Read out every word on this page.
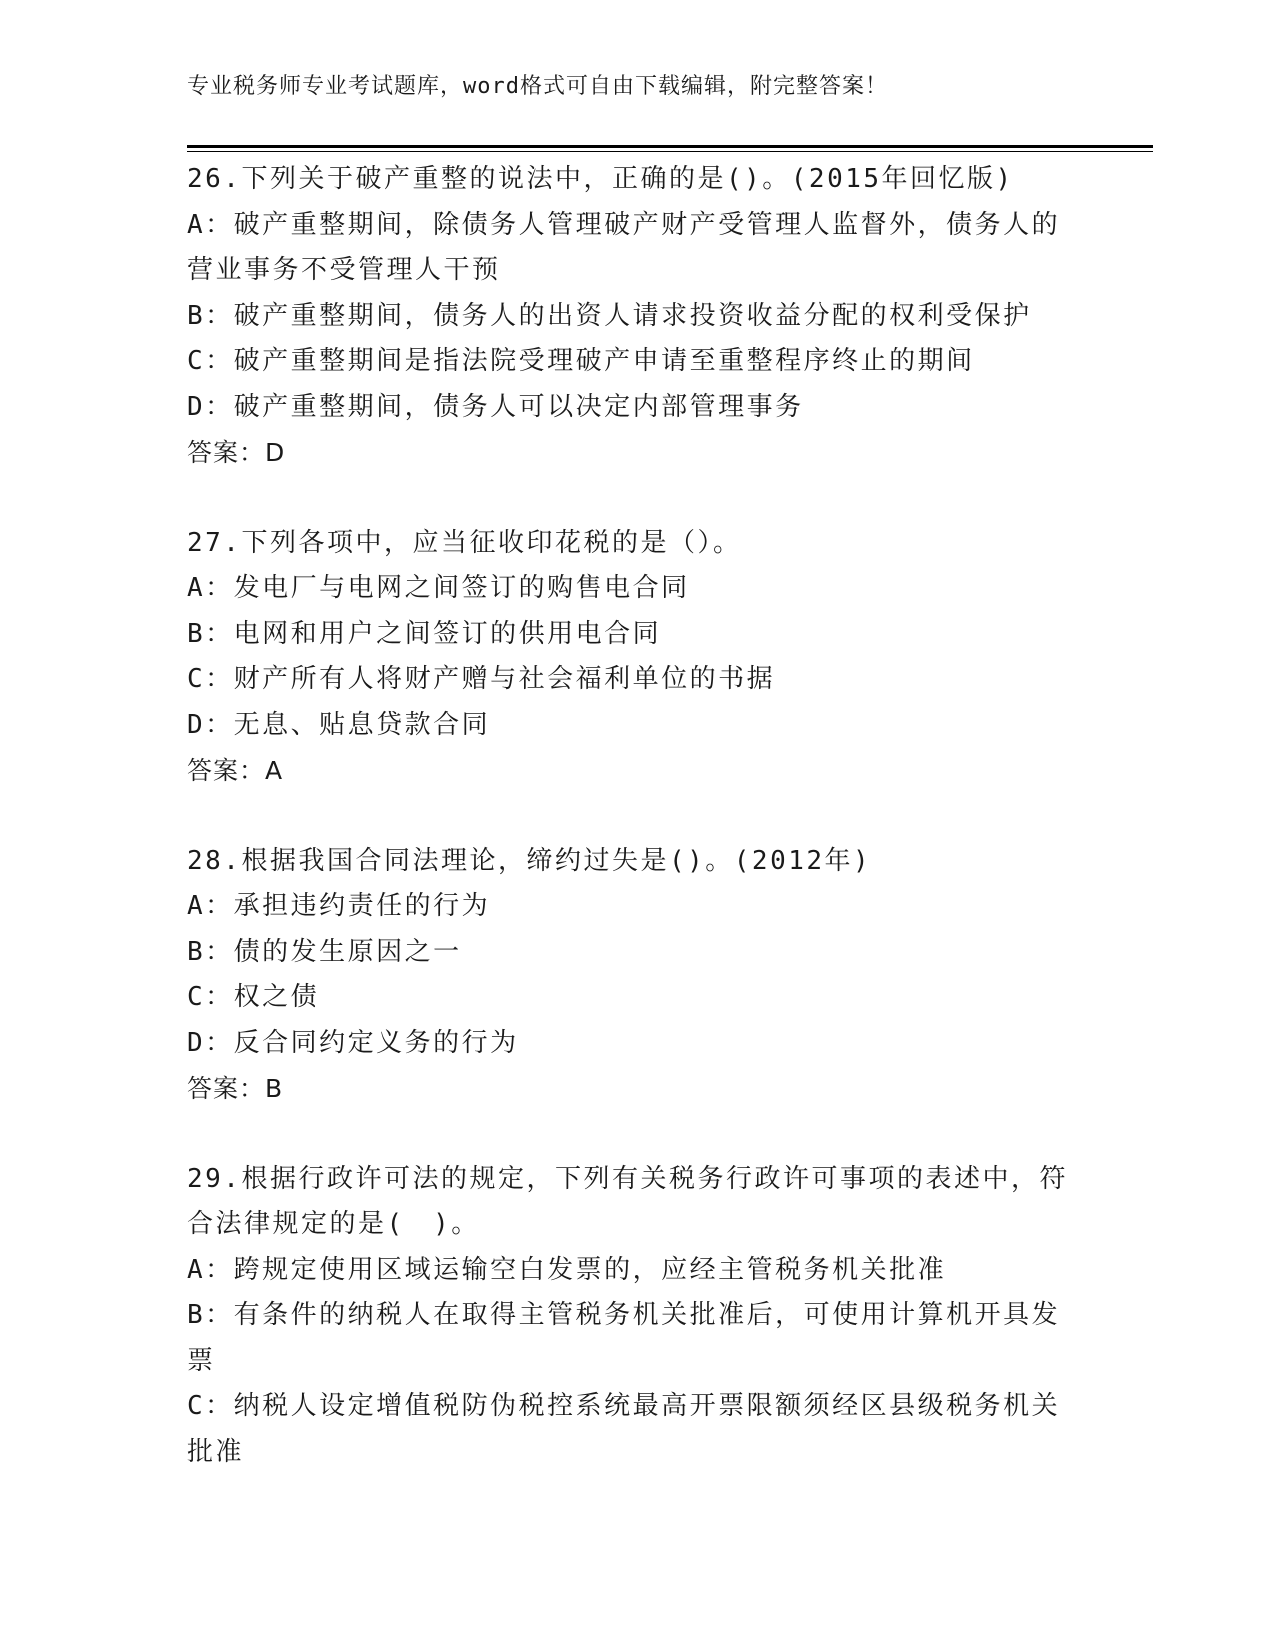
专业税务师专业考试题库，word格式可自由下载编辑，附完整答案！

26.下列关于破产重整的说法中，正确的是()。(2015年回忆版)

A：破产重整期间，除债务人管理破产财产受管理人监督外，债务人的营业事务不受管理人干预

B：破产重整期间，债务人的出资人请求投资收益分配的权利受保护

C：破产重整期间是指法院受理破产申请至重整程序终止的期间

D：破产重整期间，债务人可以决定内部管理事务

答案：D

27.下列各项中，应当征收印花税的是（）。

A：发电厂与电网之间签订的购售电合同

B：电网和用户之间签订的供用电合同

C：财产所有人将财产赠与社会福利单位的书据

D：无息、贴息贷款合同

答案：A

28.根据我国合同法理论，缔约过失是()。(2012年)

A：承担违约责任的行为

B：债的发生原因之一

C：权之债

D：反合同约定义务的行为

答案：B

29.根据行政许可法的规定，下列有关税务行政许可事项的表述中，符合法律规定的是(　)。

A：跨规定使用区域运输空白发票的，应经主管税务机关批准

B：有条件的纳税人在取得主管税务机关批准后，可使用计算机开具发票

C：纳税人设定增值税防伪税控系统最高开票限额须经区县级税务机关批准
